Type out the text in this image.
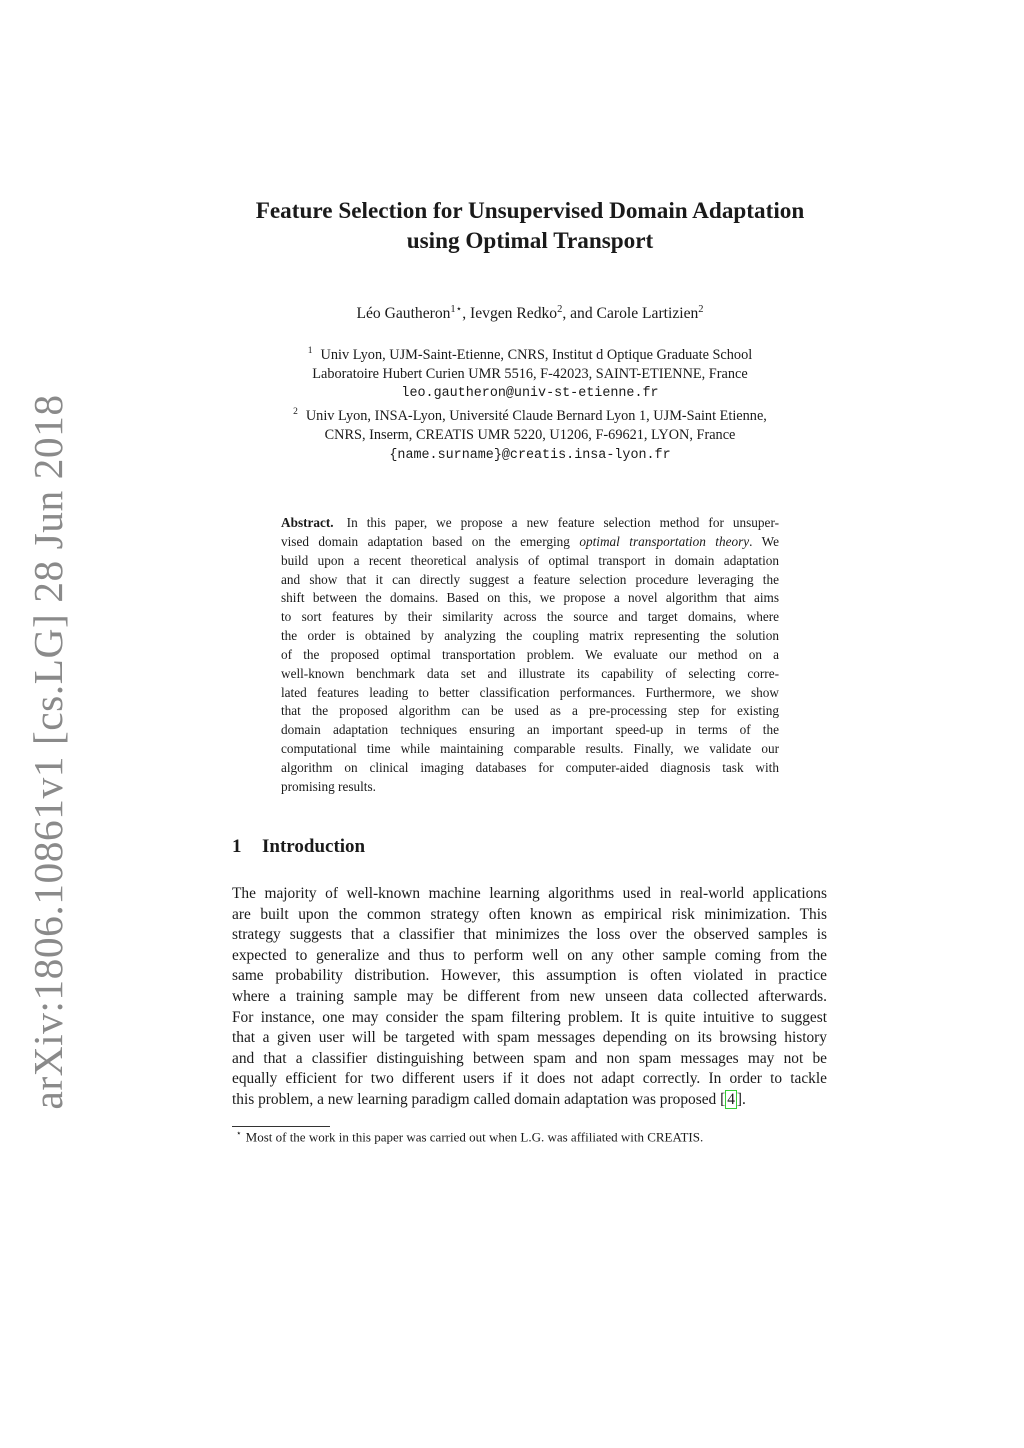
arXiv:1806.10861v1 [cs.LG] 28 Jun 2018
Feature Selection for Unsupervised Domain Adaptation
using Optimal Transport
Léo Gautheron$^{1⋆}$, Ievgen Redko$^2$, and Carole Lartizien$^2$
$^1$ Univ Lyon, UJM-Saint-Etienne, CNRS, Institut d Optique Graduate School
Laboratoire Hubert Curien UMR 5516, F-42023, SAINT-ETIENNE, France
leo.gautheron@univ-st-etienne.fr
$^2$ Univ Lyon, INSA-Lyon, Université Claude Bernard Lyon 1, UJM-Saint Etienne,
CNRS, Inserm, CREATIS UMR 5220, U1206, F-69621, LYON, France
{name.surname}@creatis.insa-lyon.fr
Abstract. In this paper, we propose a new feature selection method for unsuper-
vised domain adaptation based on the emerging optimal transportation theory. We
build upon a recent theoretical analysis of optimal transport in domain adaptation
and show that it can directly suggest a feature selection procedure leveraging the
shift between the domains. Based on this, we propose a novel algorithm that aims
to sort features by their similarity across the source and target domains, where
the order is obtained by analyzing the coupling matrix representing the solution
of the proposed optimal transportation problem. We evaluate our method on a
well-known benchmark data set and illustrate its capability of selecting corre-
lated features leading to better classification performances. Furthermore, we show
that the proposed algorithm can be used as a pre-processing step for existing
domain adaptation techniques ensuring an important speed-up in terms of the
computational time while maintaining comparable results. Finally, we validate our
algorithm on clinical imaging databases for computer-aided diagnosis task with
promising results.
1 Introduction
The majority of well-known machine learning algorithms used in real-world applications
are built upon the common strategy often known as empirical risk minimization. This
strategy suggests that a classifier that minimizes the loss over the observed samples is
expected to generalize and thus to perform well on any other sample coming from the
same probability distribution. However, this assumption is often violated in practice
where a training sample may be different from new unseen data collected afterwards.
For instance, one may consider the spam filtering problem. It is quite intuitive to suggest
that a given user will be targeted with spam messages depending on its browsing history
and that a classifier distinguishing between spam and non spam messages may not be
equally efficient for two different users if it does not adapt correctly. In order to tackle
this problem, a new learning paradigm called domain adaptation was proposed [ 4 ].
⋆ Most of the work in this paper was carried out when L.G. was affiliated with CREATIS.
